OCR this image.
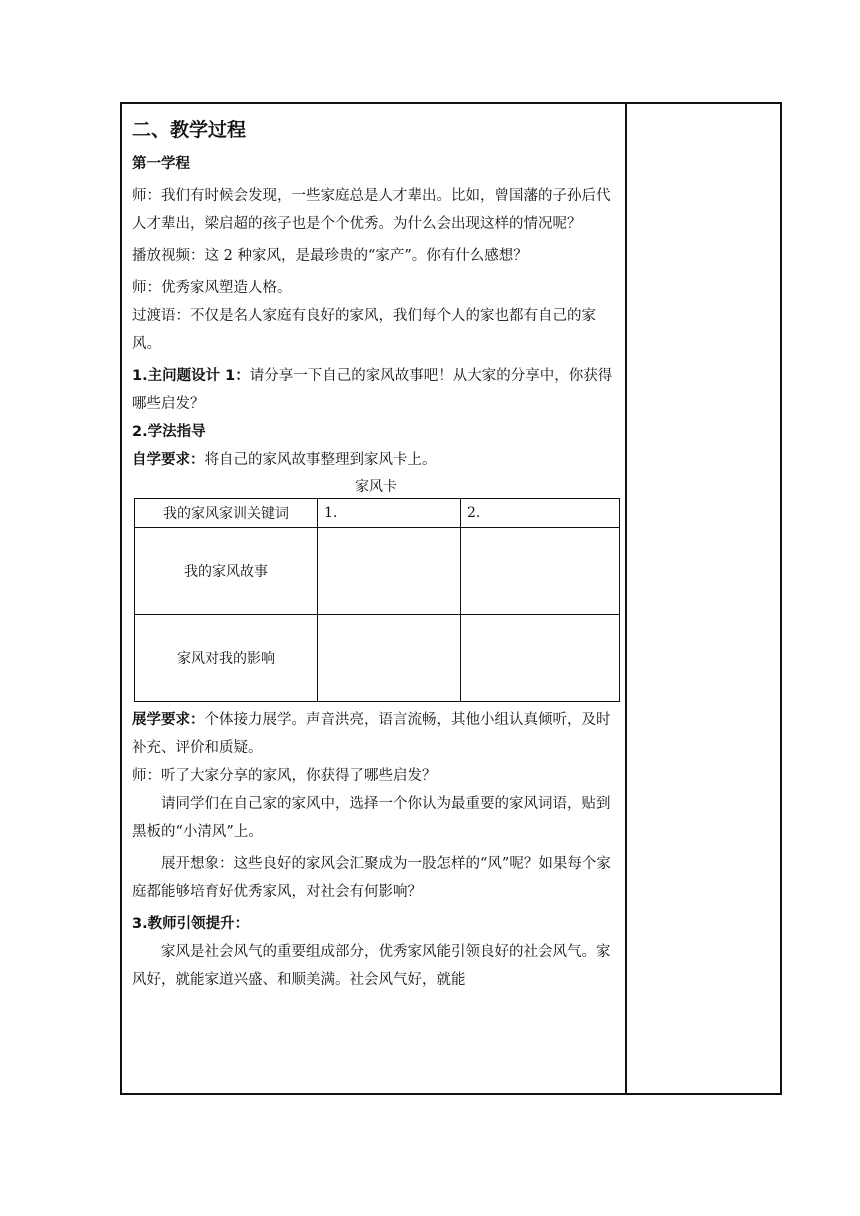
二、教学过程
第一学程
师：我们有时候会发现，一些家庭总是人才辈出。比如，曾国藩的子孙后代人才辈出，梁启超的孩子也是个个优秀。为什么会出现这样的情况呢？
播放视频：这 2 种家风，是最珍贵的“家产”。你有什么感想？
师：优秀家风塑造人格。
过渡语：不仅是名人家庭有良好的家风，我们每个人的家也都有自己的家风。
1.主问题设计 1：请分享一下自己的家风故事吧！从大家的分享中，你获得哪些启发？
2.学法指导
自学要求：将自己的家风故事整理到家风卡上。
家风卡
我的家风家训关键词	1.	2.
我的家风故事		
家风对我的影响		
展学要求：个体接力展学。声音洪亮，语言流畅，其他小组认真倾听，及时补充、评价和质疑。
师：听了大家分享的家风，你获得了哪些启发？
请同学们在自己家的家风中，选择一个你认为最重要的家风词语，贴到黑板的“小清风”上。
展开想象：这些良好的家风会汇聚成为一股怎样的“风”呢？如果每个家庭都能够培育好优秀家风，对社会有何影响？
3.教师引领提升：
家风是社会风气的重要组成部分，优秀家风能引领良好的社会风气。家风好，就能家道兴盛、和顺美满。社会风气好，就能
